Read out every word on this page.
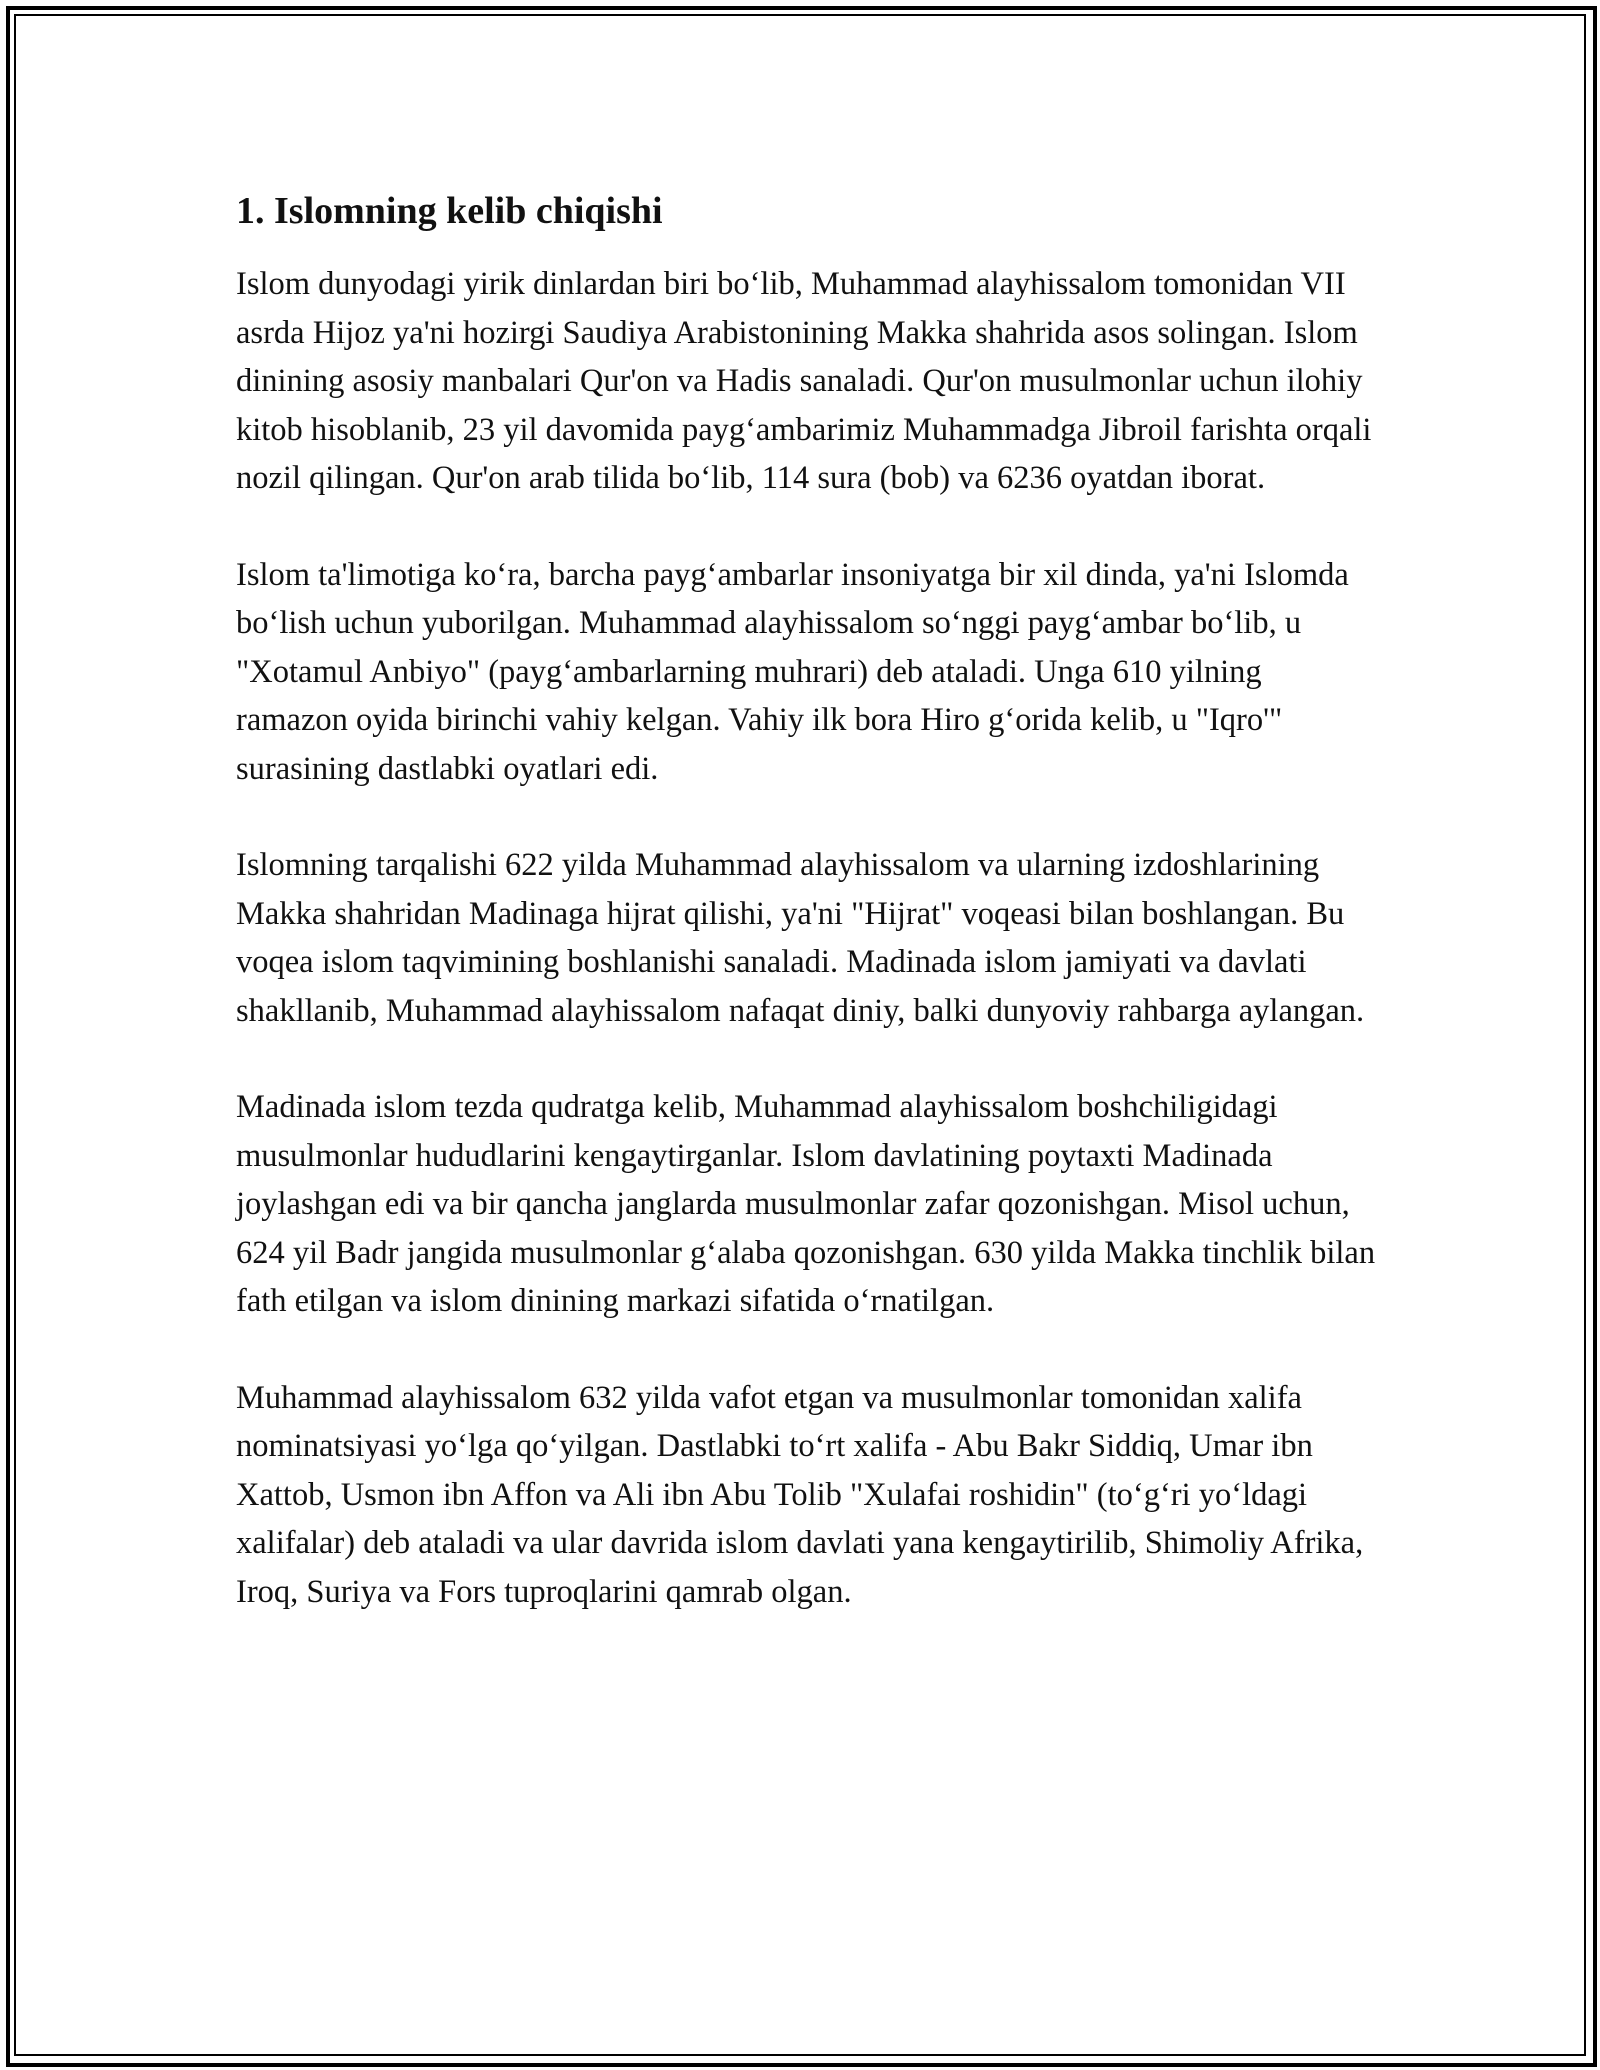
1. Islomning kelib chiqishi

Islom dunyodagi yirik dinlardan biri bo‘lib, Muhammad alayhissalom tomonidan VII asrda Hijoz ya'ni hozirgi Saudiya Arabistonining Makka shahrida asos solingan. Islom dinining asosiy manbalari Qur'on va Hadis sanaladi. Qur'on musulmonlar uchun ilohiy kitob hisoblanib, 23 yil davomida payg‘ambarimiz Muhammadga Jibroil farishta orqali nozil qilingan. Qur'on arab tilida bo‘lib, 114 sura (bob) va 6236 oyatdan iborat.

Islom ta'limotiga ko‘ra, barcha payg‘ambarlar insoniyatga bir xil dinda, ya'ni Islomda bo‘lish uchun yuborilgan. Muhammad alayhissalom so‘nggi payg‘ambar bo‘lib, u "Xotamul Anbiyo" (payg‘ambarlarning muhrari) deb ataladi. Unga 610 yilning ramazon oyida birinchi vahiy kelgan. Vahiy ilk bora Hiro g‘orida kelib, u "Iqro'" surasining dastlabki oyatlari edi.

Islomning tarqalishi 622 yilda Muhammad alayhissalom va ularning izdoshlarining Makka shahridan Madinaga hijrat qilishi, ya'ni "Hijrat" voqeasi bilan boshlangan. Bu voqea islom taqvimining boshlanishi sanaladi. Madinada islom jamiyati va davlati shakllanib, Muhammad alayhissalom nafaqat diniy, balki dunyoviy rahbarga aylangan.

Madinada islom tezda qudratga kelib, Muhammad alayhissalom boshchiligidagi musulmonlar hududlarini kengaytirganlar. Islom davlatining poytaxti Madinada joylashgan edi va bir qancha janglarda musulmonlar zafar qozonishgan. Misol uchun, 624 yil Badr jangida musulmonlar g‘alaba qozonishgan. 630 yilda Makka tinchlik bilan fath etilgan va islom dinining markazi sifatida o‘rnatilgan.

Muhammad alayhissalom 632 yilda vafot etgan va musulmonlar tomonidan xalifa nominatsiyasi yo‘lga qo‘yilgan. Dastlabki to‘rt xalifa - Abu Bakr Siddiq, Umar ibn Xattob, Usmon ibn Affon va Ali ibn Abu Tolib "Xulafai roshidin" (to‘g‘ri yo‘ldagi xalifalar) deb ataladi va ular davrida islom davlati yana kengaytirilib, Shimoliy Afrika, Iroq, Suriya va Fors tuproqlarini qamrab olgan.
